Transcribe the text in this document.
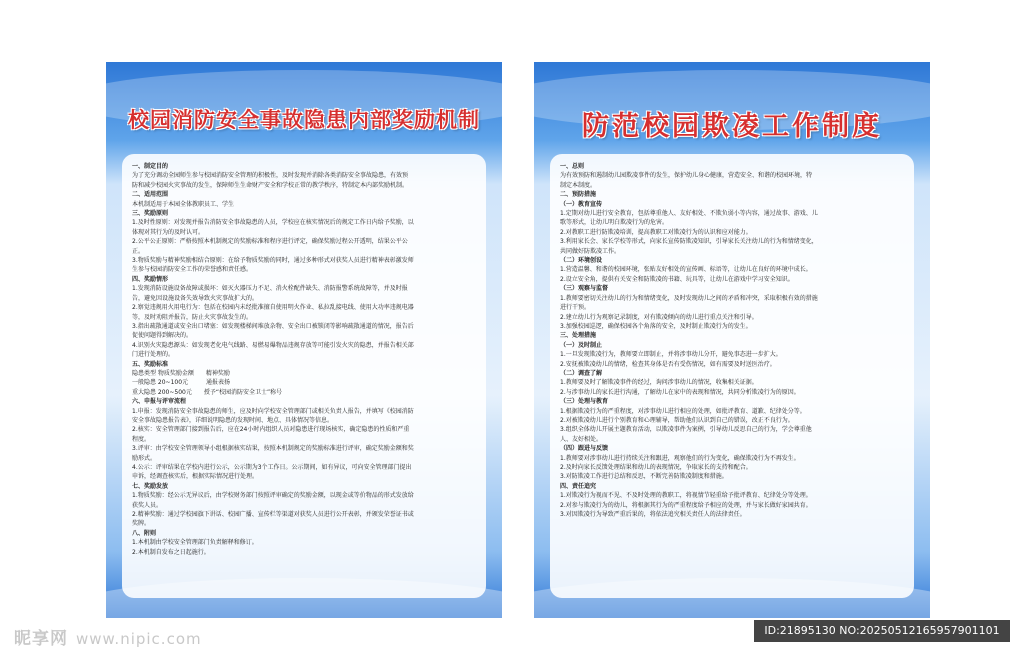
校园消防安全事故隐患内部奖励机制
一、制定目的
为了充分调动全园师生参与校园消防安全管理的积极性，及时发现并消除各类消防安全事故隐患，有效预
防和减少校园火灾事故的发生，保障师生生命财产安全和学校正常的教学秩序，特制定本内部奖励机制。
二、适用范围
本机制适用于本园全体教职员工、学生
三、奖励原则
1.及时性原则：对发现并报告消防安全事故隐患的人员，学校应在核实情况后的规定工作日内给予奖励，以
体现对其行为的及时认可。
2.公平公正原则：严格按照本机制规定的奖励标准和程序进行评定，确保奖励过程公开透明，结果公平公
正。
3.物质奖励与精神奖励相结合原则：在给予物质奖励的同时，通过多种形式对获奖人员进行精神表彰激发师
生参与校园消防安全工作的荣誉感和责任感。
四、奖励情形
1.发现消防设施设备故障或损坏：如灭火器压力不足、消火栓配件缺失、消防报警系统故障等，并及时报
告，避免因设施设备失效导致火灾事故扩大的。
2.察觉违规用火用电行为：包括在校园内未经批准擅自使用明火作业、私拉乱接电线、使用大功率违规电器
等，及时劝阻并报告，防止火灾事故发生的。
3.指出疏散通道或安全出口堵塞：如发现楼梯间堆放杂物、安全出口被锁闭等影响疏散通道的情况，报告后
促使问题得到解决的。
4.识别火灾隐患源头：如发现老化电气线路、易燃易爆物品违规存放等可能引发火灾的隐患，并报告相关部
门进行处理的。
五、奖励标准
隐患类型 物质奖励金额　　精神奖励
一般隐患 20~100元　　　通报表扬
重大隐患 200~500元　　授予“校园消防安全卫士”称号
六、申报与评审流程
1.申报：发现消防安全事故隐患的师生，应及时向学校安全管理部门或相关负责人报告，并填写《校园消防
安全事故隐患报告表》，详细说明隐患的发现时间、地点、具体情况等信息。
2.核实：安全管理部门接到报告后，应在24小时内组织人员对隐患进行现场核实，确定隐患的性质和严重
程度。
3.评审：由学校安全管理领导小组根据核实结果，按照本机制规定的奖励标准进行评审，确定奖励金额和奖
励形式。
4.公示：评审结果在学校内进行公示，公示期为3个工作日。公示期间，如有异议，可向安全管理部门提出
申诉，经调查核实后，根据实际情况进行处理。
七、奖励发放
1.物质奖励：经公示无异议后，由学校财务部门按照评审确定的奖励金额，以现金或等价物品的形式发放给
获奖人员。
2.精神奖励：通过学校园旗下讲话、校园广播、宣传栏等渠道对获奖人员进行公开表彰，并颁发荣誉证书或
奖牌。
八、附则
1.本机制由学校安全管理部门负责解释和修订。
2.本机制自发布之日起施行。
防范校园欺凌工作制度
一、总则
为有效预防和遏制幼儿园欺凌事件的发生，保护幼儿身心健康，营造安全、和谐的校园环境，特
制定本制度。
二、预防措施
（一）教育宣传
1.定期对幼儿进行安全教育，包括尊重他人、友好相处、不欺负弱小等内容，通过故事、游戏、儿
歌等形式，让幼儿明白欺凌行为的危害。
2.对教职工进行防欺凌培训，提高教职工对欺凌行为的认识和应对能力。
3.利用家长会、家长学校等形式，向家长宣传防欺凌知识，引导家长关注幼儿的行为和情绪变化，
共同做好防欺凌工作。
（二）环境创设
1.营造温馨、和谐的校园环境，张贴友好相处的宣传画、标语等，让幼儿在良好的环境中成长。
2.设立安全角，提供有关安全和防欺凌的书籍、玩具等，让幼儿在游戏中学习安全知识。
（三）观察与监督
1.教师要密切关注幼儿的行为和情绪变化，及时发现幼儿之间的矛盾和冲突，采取积极有效的措施
进行干预。
2.建立幼儿行为观察记录制度，对有欺凌倾向的幼儿进行重点关注和引导。
3.加强校园巡逻，确保校园各个角落的安全，及时制止欺凌行为的发生。
三、处理措施
（一）及时制止
1.一旦发现欺凌行为，教师要立即制止，并将涉事幼儿分开，避免事态进一步扩大。
2.安抚被欺凌幼儿的情绪，检查其身体是否有受伤情况，如有需要及时送医治疗。
（二）调查了解
1.教师要及时了解欺凌事件的经过，询问涉事幼儿的情况，收集相关证据。
2.与涉事幼儿的家长进行沟通，了解幼儿在家中的表现和情况，共同分析欺凌行为的原因。
（三）处理与教育
1.根据欺凌行为的严重程度，对涉事幼儿进行相应的处理，如批评教育、道歉、纪律处分等。
2.对被欺凌幼儿进行个别教育和心理辅导，帮助他们认识到自己的错误，改正不良行为。
3.组织全体幼儿开展主题教育活动，以欺凌事件为案例，引导幼儿反思自己的行为，学会尊重他
人、友好相处。
（四）跟进与反馈
1.教师要对涉事幼儿进行持续关注和跟进，观察他们的行为变化，确保欺凌行为不再发生。
2.及时向家长反馈处理结果和幼儿的表现情况，争取家长的支持和配合。
3.对防欺凌工作进行总结和反思，不断完善防欺凌制度和措施。
四、责任追究
1.对欺凌行为视而不见、不及时处理的教职工，将视情节轻重给予批评教育、纪律处分等处理。
2.对参与欺凌行为的幼儿，将根据其行为的严重程度给予相应的处理，并与家长做好家园共育。
3.对因欺凌行为导致严重后果的，将依法追究相关责任人的法律责任。
昵享网 www.nipic.com	ID:21895130 NO:20250512165957901101
